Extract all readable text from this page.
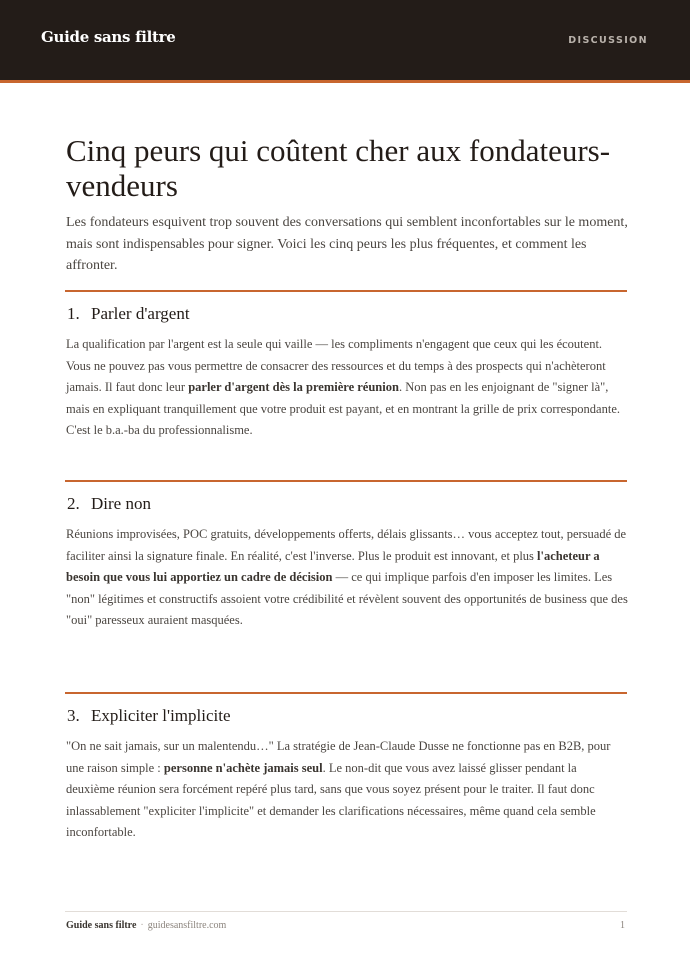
Guide sans filtre	DISCUSSION
Cinq peurs qui coûtent cher aux fondateurs-vendeurs

Les fondateurs esquivent trop souvent des conversations qui semblent inconfortables sur le moment, mais sont indispensables pour signer. Voici les cinq peurs les plus fréquentes, et comment les affronter.

1. Parler d'argent

La qualification par l'argent est la seule qui vaille — les compliments n'engagent que ceux qui les écoutent. Vous ne pouvez pas vous permettre de consacrer des ressources et du temps à des prospects qui n'achèteront jamais. Il faut donc leur parler d'argent dès la première réunion. Non pas en les enjoignant de "signer là", mais en expliquant tranquillement que votre produit est payant, et en montrant la grille de prix correspondante. C'est le b.a.-ba du professionnalisme.

2. Dire non

Réunions improvisées, POC gratuits, développements offerts, délais glissants… vous acceptez tout, persuadé de faciliter ainsi la signature finale. En réalité, c'est l'inverse. Plus le produit est innovant, et plus l'acheteur a besoin que vous lui apportiez un cadre de décision — ce qui implique parfois d'en imposer les limites. Les "non" légitimes et constructifs assoient votre crédibilité et révèlent souvent des opportunités de business que des "oui" paresseux auraient masquées.

3. Expliciter l'implicite

"On ne sait jamais, sur un malentendu…" La stratégie de Jean-Claude Dusse ne fonctionne pas en B2B, pour une raison simple : personne n'achète jamais seul. Le non-dit que vous avez laissé glisser pendant la deuxième réunion sera forcément repéré plus tard, sans que vous soyez présent pour le traiter. Il faut donc inlassablement "expliciter l'implicite" et demander les clarifications nécessaires, même quand cela semble inconfortable.

Guide sans filtre · guidesansfiltre.com	1
